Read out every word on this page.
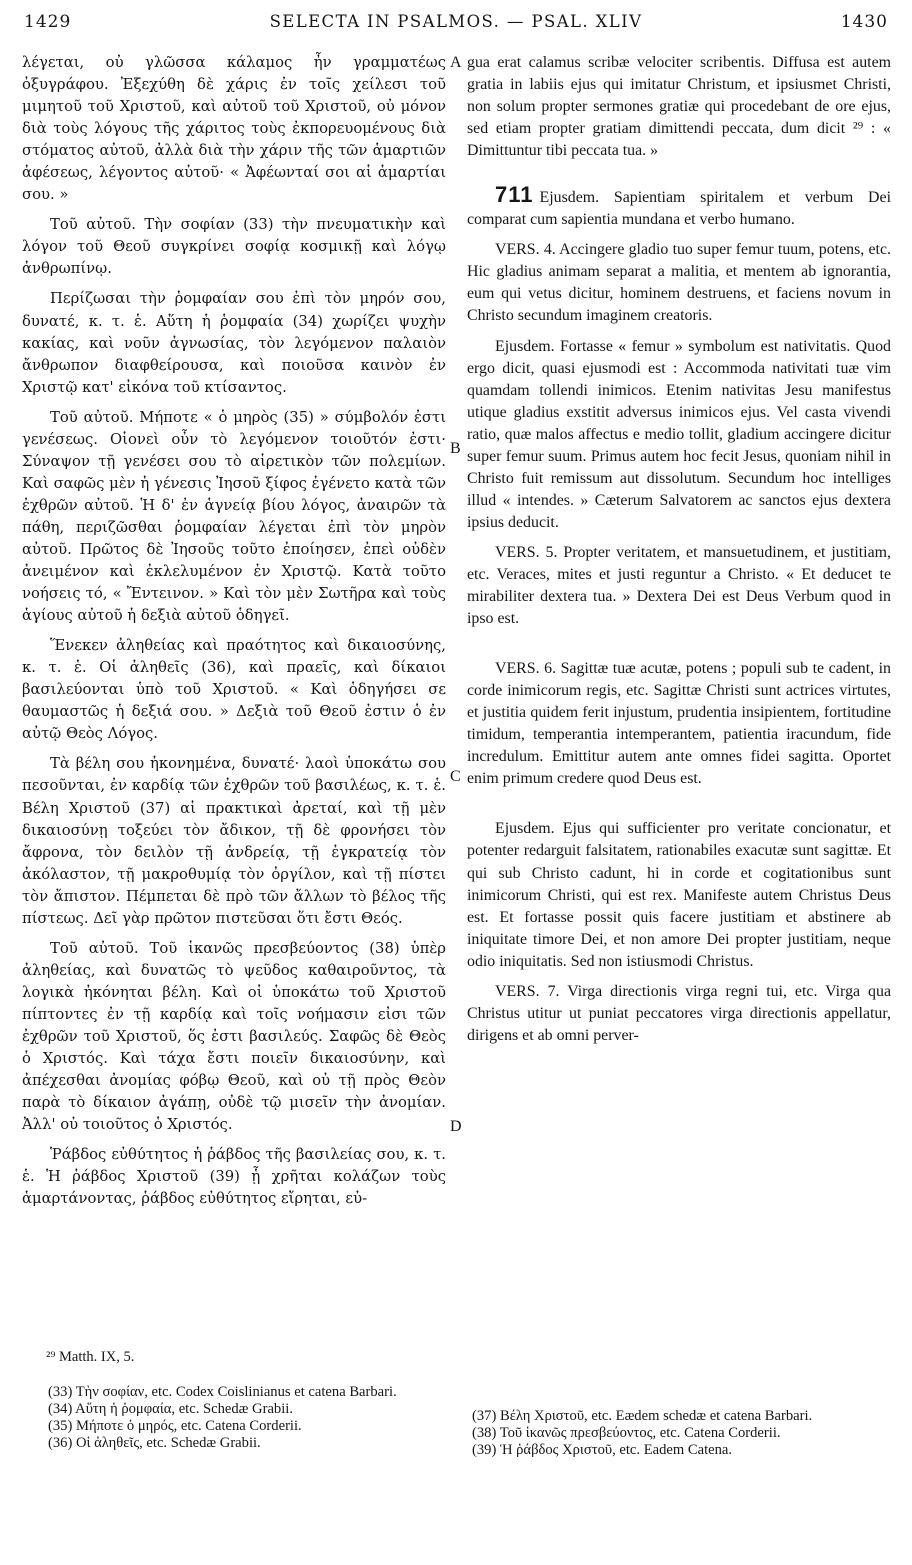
1429	SELECTA IN PSALMOS. — PSAL. XLIV	1430

λέγεται, οὐ γλῶσσα κάλαμος ἦν γραμματέως ὀξυγράφου. Ἐξεχύθη δὲ χάρις ἐν τοῖς χείλεσι τοῦ μιμητοῦ τοῦ Χριστοῦ, καὶ αὐτοῦ τοῦ Χριστοῦ, οὐ μόνον διὰ τοὺς λόγους τῆς χάριτος τοὺς ἐκπορευομένους διὰ στόματος αὐτοῦ, ἀλλὰ διὰ τὴν χάριν τῆς τῶν ἁμαρτιῶν ἀφέσεως, λέγοντος αὐτοῦ· « Ἀφέωνταί σοι αἱ ἁμαρτίαι σου. »

Τοῦ αὐτοῦ. Τὴν σοφίαν (33) τὴν πνευματικὴν καὶ λόγον τοῦ Θεοῦ συγκρίνει σοφίᾳ κοσμικῇ καὶ λόγῳ ἀνθρωπίνῳ.

Περίζωσαι τὴν ῥομφαίαν σου ἐπὶ τὸν μηρόν σου, δυνατέ, κ. τ. ἑ. Αὕτη ἡ ῥομφαία (34) χωρίζει ψυχὴν κακίας, καὶ νοῦν ἀγνωσίας, τὸν λεγόμενον παλαιὸν ἄνθρωπον διαφθείρουσα, καὶ ποιοῦσα καινὸν ἐν Χριστῷ κατ' εἰκόνα τοῦ κτίσαντος.

Τοῦ αὐτοῦ. Μήποτε « ὁ μηρὸς (35) » σύμβολόν ἐστι γενέσεως. Οἱονεὶ οὖν τὸ λεγόμενον τοιοῦτόν ἐστι· Σύναψον τῇ γενέσει σου τὸ αἱρετικὸν τῶν πολεμίων. Καὶ σαφῶς μὲν ἡ γένεσις Ἰησοῦ ξίφος ἐγένετο κατὰ τῶν ἐχθρῶν αὐτοῦ. Ἡ δ' ἐν ἁγνείᾳ βίου λόγος, ἀναιρῶν τὰ πάθη, περιζῶσθαι ῥομφαίαν λέγεται ἐπὶ τὸν μηρὸν αὐτοῦ. Πρῶτος δὲ Ἰησοῦς τοῦτο ἐποίησεν, ἐπεὶ οὐδὲν ἀνειμένον καὶ ἐκλελυμένον ἐν Χριστῷ. Κατὰ τοῦτο νοήσεις τό, « Ἔντεινον. » Καὶ τὸν μὲν Σωτῆρα καὶ τοὺς ἁγίους αὐτοῦ ἡ δεξιὰ αὐτοῦ ὁδηγεῖ.

Ἕνεκεν ἀληθείας καὶ πραότητος καὶ δικαιοσύνης, κ. τ. ἑ. Οἱ ἀληθεῖς (36), καὶ πραεῖς, καὶ δίκαιοι βασιλεύονται ὑπὸ τοῦ Χριστοῦ. « Καὶ ὁδηγήσει σε θαυμαστῶς ἡ δεξιά σου. » Δεξιὰ τοῦ Θεοῦ ἐστιν ὁ ἐν αὐτῷ Θεὸς Λόγος.

Τὰ βέλη σου ἠκονημένα, δυνατέ· λαοὶ ὑποκάτω σου πεσοῦνται, ἐν καρδίᾳ τῶν ἐχθρῶν τοῦ βασιλέως, κ. τ. ἑ. Βέλη Χριστοῦ (37) αἱ πρακτικαὶ ἀρεταί, καὶ τῇ μὲν δικαιοσύνῃ τοξεύει τὸν ἄδικον, τῇ δὲ φρονήσει τὸν ἄφρονα, τὸν δειλὸν τῇ ἀνδρείᾳ, τῇ ἐγκρατείᾳ τὸν ἀκόλαστον, τῇ μακροθυμίᾳ τὸν ὀργίλον, καὶ τῇ πίστει τὸν ἄπιστον. Πέμπεται δὲ πρὸ τῶν ἄλλων τὸ βέλος τῆς πίστεως. Δεῖ γὰρ πρῶτον πιστεῦσαι ὅτι ἔστι Θεός.

Τοῦ αὐτοῦ. Τοῦ ἱκανῶς πρεσβεύοντος (38) ὑπὲρ ἀληθείας, καὶ δυνατῶς τὸ ψεῦδος καθαιροῦντος, τὰ λογικὰ ἠκόνηται βέλη. Καὶ οἱ ὑποκάτω τοῦ Χριστοῦ πίπτοντες ἐν τῇ καρδίᾳ καὶ τοῖς νοήμασιν εἰσι τῶν ἐχθρῶν τοῦ Χριστοῦ, ὅς ἐστι βασιλεύς. Σαφῶς δὲ Θεὸς ὁ Χριστός. Καὶ τάχα ἔστι ποιεῖν δικαιοσύνην, καὶ ἀπέχεσθαι ἀνομίας φόβῳ Θεοῦ, καὶ οὐ τῇ πρὸς Θεὸν παρὰ τὸ δίκαιον ἀγάπῃ, οὐδὲ τῷ μισεῖν τὴν ἀνομίαν. Ἀλλ' οὐ τοιοῦτος ὁ Χριστός.

Ῥάβδος εὐθύτητος ἡ ῥάβδος τῆς βασιλείας σου, κ. τ. ἑ. Ἡ ῥάβδος Χριστοῦ (39) ᾗ χρῆται κολάζων τοὺς ἁμαρτάνοντας, ῥάβδος εὐθύτητος εἴρηται, εὐ-

gua erat calamus scribæ velociter scribentis. Diffusa est autem gratia in labiis ejus qui imitatur Christum, et ipsiusmet Christi, non solum propter sermones gratiæ qui procedebant de ore ejus, sed etiam propter gratiam dimittendi peccata, dum dicit ²⁹ : « Dimittuntur tibi peccata tua. »

711 Ejusdem. Sapientiam spiritalem et verbum Dei comparat cum sapientia mundana et verbo humano.

VERS. 4. Accingere gladio tuo super femur tuum, potens, etc. Hic gladius animam separat a malitia, et mentem ab ignorantia, eum qui vetus dicitur, hominem destruens, et faciens novum in Christo secundum imaginem creatoris.

Ejusdem. Fortasse « femur » symbolum est nativitatis. Quod ergo dicit, quasi ejusmodi est : Accommoda nativitati tuæ vim quamdam tollendi inimicos. Etenim nativitas Jesu manifestus utique gladius exstitit adversus inimicos ejus. Vel casta vivendi ratio, quæ malos affectus e medio tollit, gladium accingere dicitur super femur suum. Primus autem hoc fecit Jesus, quoniam nihil in Christo fuit remissum aut dissolutum. Secundum hoc intelliges illud « intendes. » Cæterum Salvatorem ac sanctos ejus dextera ipsius deducit.

VERS. 5. Propter veritatem, et mansuetudinem, et justitiam, etc. Veraces, mites et justi reguntur a Christo. « Et deducet te mirabiliter dextera tua. » Dextera Dei est Deus Verbum quod in ipso est.

VERS. 6. Sagittæ tuæ acutæ, potens ; populi sub te cadent, in corde inimicorum regis, etc. Sagittæ Christi sunt actrices virtutes, et justitia quidem ferit injustum, prudentia insipientem, fortitudine timidum, temperantia intemperantem, patientia iracundum, fide incredulum. Emittitur autem ante omnes fidei sagitta. Oportet enim primum credere quod Deus est.

Ejusdem. Ejus qui sufficienter pro veritate concionatur, et potenter redarguit falsitatem, rationabiles exacutæ sunt sagittæ. Et qui sub Christo cadunt, hi in corde et cogitationibus sunt inimicorum Christi, qui est rex. Manifeste autem Christus Deus est. Et fortasse possit quis facere justitiam et abstinere ab iniquitate timore Dei, et non amore Dei propter justitiam, neque odio iniquitatis. Sed non istiusmodi Christus.

VERS. 7. Virga directionis virga regni tui, etc. Virga qua Christus utitur ut puniat peccatores virga directionis appellatur, dirigens et ab omni perver-

A
B
C
D
²⁹ Matth. IX, 5.
(33) Τὴν σοφίαν, etc. Codex Coislinianus et catena Barbari.
(34) Αὕτη ἡ ῥομφαία, etc. Schedæ Grabii.
(35) Μήποτε ὁ μηρός, etc. Catena Corderii.
(36) Οἱ ἀληθεῖς, etc. Schedæ Grabii.
(37) Βέλη Χριστοῦ, etc. Eædem schedæ et catena Barbari.
(38) Τοῦ ἱκανῶς πρεσβεύοντος, etc. Catena Corderii.
(39) Ἡ ῥάβδος Χριστοῦ, etc. Eadem Catena.
